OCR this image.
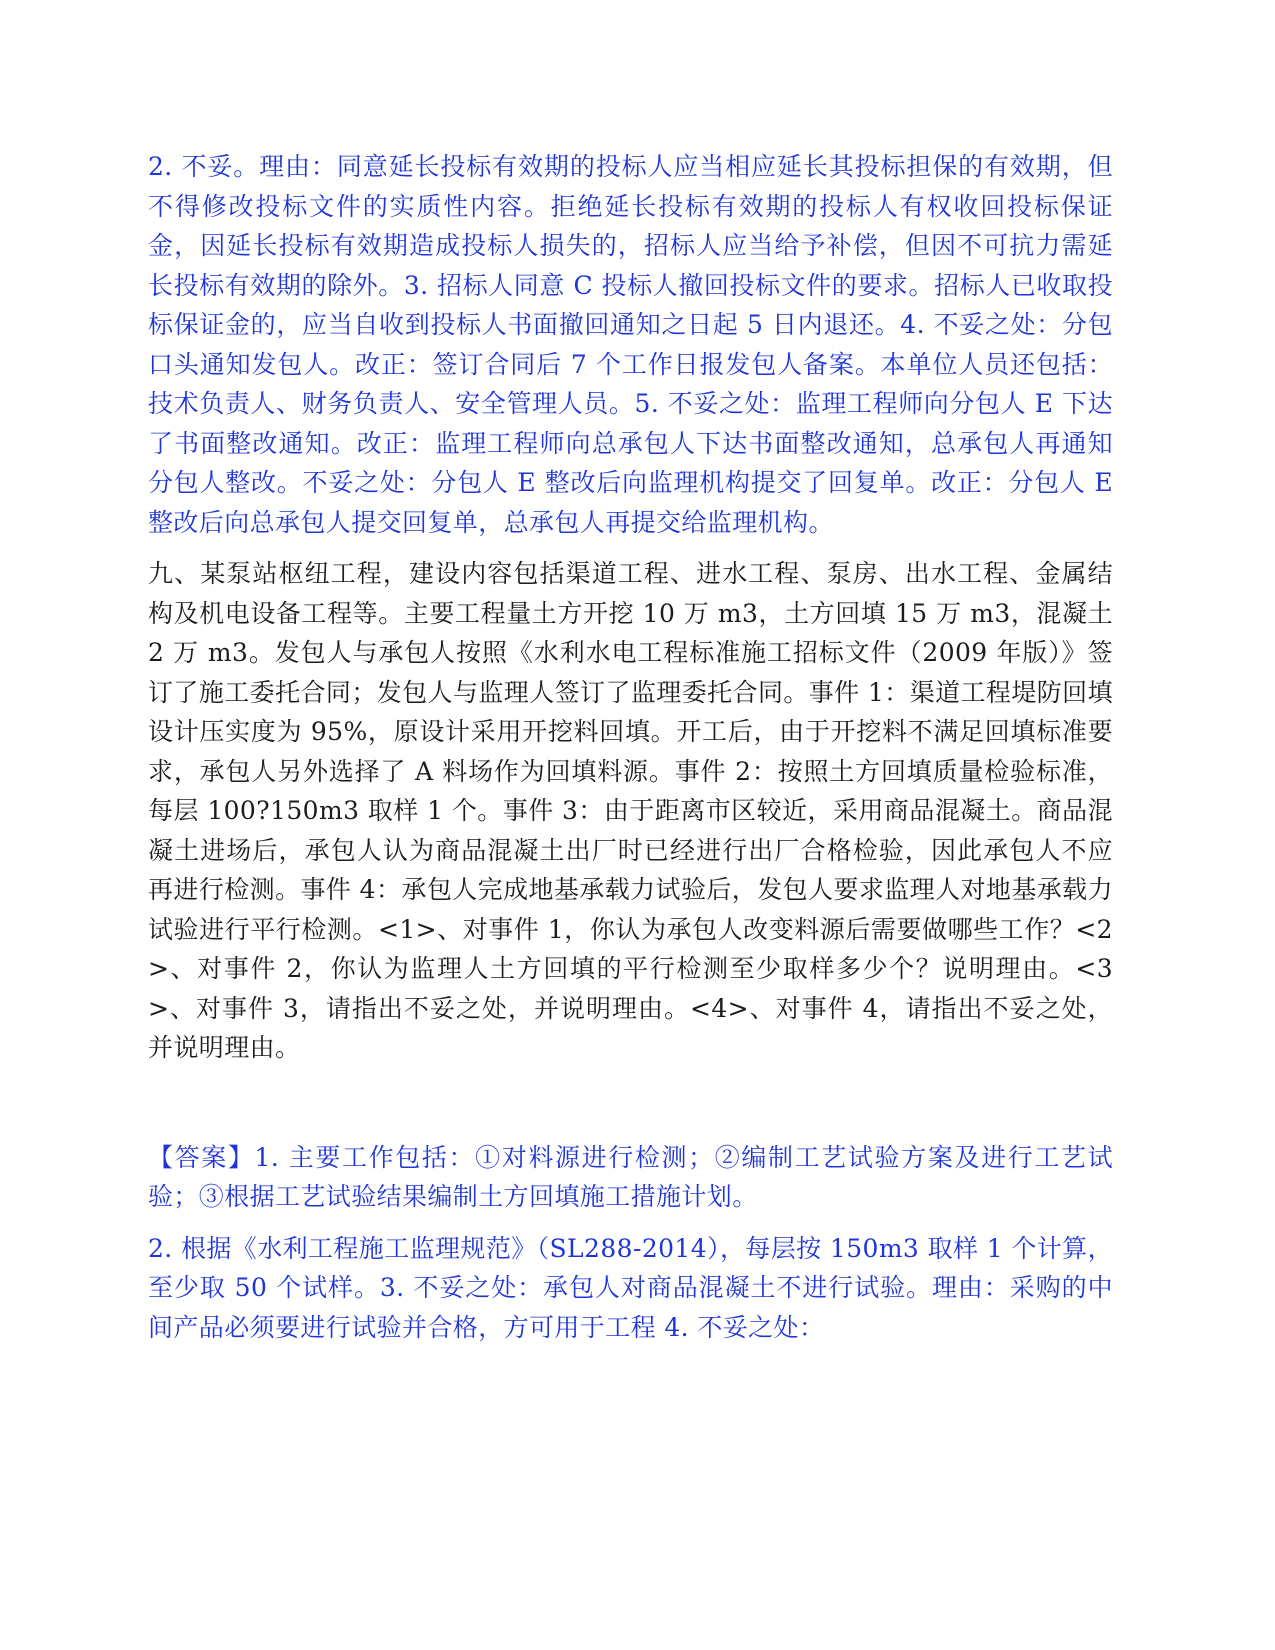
2. 不妥。理由：同意延长投标有效期的投标人应当相应延长其投标担保的有效期，但不得修改投标文件的实质性内容。拒绝延长投标有效期的投标人有权收回投标保证金，因延长投标有效期造成投标人损失的，招标人应当给予补偿，但因不可抗力需延长投标有效期的除外。3. 招标人同意 C 投标人撤回投标文件的要求。招标人已收取投标保证金的，应当自收到投标人书面撤回通知之日起 5 日内退还。4. 不妥之处：分包口头通知发包人。改正：签订合同后 7 个工作日报发包人备案。本单位人员还包括：技术负责人、财务负责人、安全管理人员。5. 不妥之处：监理工程师向分包人 E 下达了书面整改通知。改正：监理工程师向总承包人下达书面整改通知，总承包人再通知分包人整改。不妥之处：分包人 E 整改后向监理机构提交了回复单。改正：分包人 E 整改后向总承包人提交回复单，总承包人再提交给监理机构。

九、某泵站枢纽工程，建设内容包括渠道工程、进水工程、泵房、出水工程、金属结构及机电设备工程等。主要工程量土方开挖 10 万 m3，土方回填 15 万 m3，混凝土 2 万 m3。发包人与承包人按照《水利水电工程标准施工招标文件（2009 年版）》签订了施工委托合同；发包人与监理人签订了监理委托合同。事件 1：渠道工程堤防回填设计压实度为 95%，原设计采用开挖料回填。开工后，由于开挖料不满足回填标准要求，承包人另外选择了 A 料场作为回填料源。事件 2：按照土方回填质量检验标准，每层 100?150m3 取样 1 个。事件 3：由于距离市区较近，采用商品混凝土。商品混凝土进场后，承包人认为商品混凝土出厂时已经进行出厂合格检验，因此承包人不应再进行检测。事件 4：承包人完成地基承载力试验后，发包人要求监理人对地基承载力试验进行平行检测。<1>、对事件 1，你认为承包人改变料源后需要做哪些工作？<2>、对事件 2，你认为监理人土方回填的平行检测至少取样多少个？说明理由。<3>、对事件 3，请指出不妥之处，并说明理由。<4>、对事件 4，请指出不妥之处，并说明理由。

【答案】1. 主要工作包括：①对料源进行检测；②编制工艺试验方案及进行工艺试验；③根据工艺试验结果编制土方回填施工措施计划。

2. 根据《水利工程施工监理规范》（SL288-2014），每层按 150m3 取样 1 个计算，至少取 50 个试样。3. 不妥之处：承包人对商品混凝土不进行试验。理由：采购的中间产品必须要进行试验并合格，方可用于工程 4. 不妥之处：
